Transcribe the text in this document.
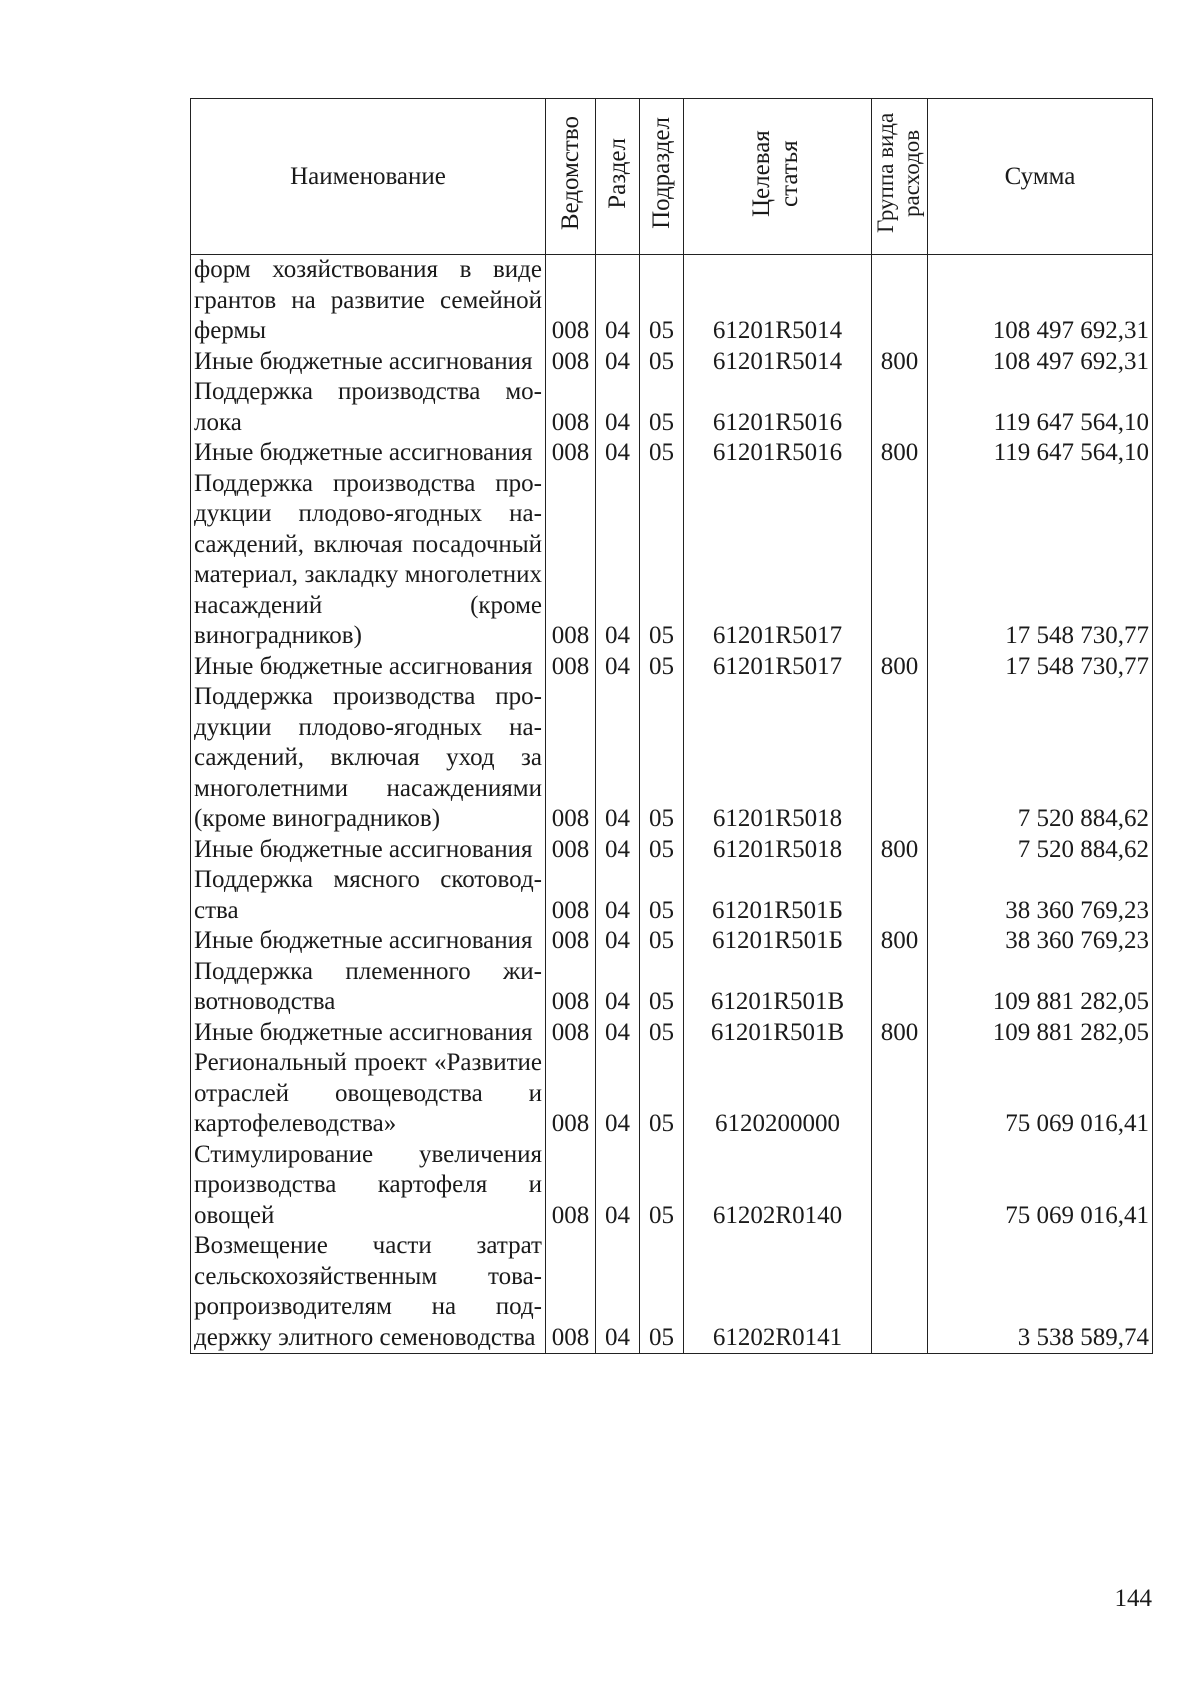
Наименование	Ведомство	Раздел	Подраздел	Целевая статья	Группа вида расходов	Сумма
форм хозяйствования в виде грантов на развитие семейной фермы	008	04	05	61201R5014		108 497 692,31
Иные бюджетные ассигнования	008	04	05	61201R5014	800	108 497 692,31
Поддержка производства молока	008	04	05	61201R5016		119 647 564,10
Иные бюджетные ассигнования	008	04	05	61201R5016	800	119 647 564,10
Поддержка производства продукции плодово-ягодных насаждений, включая посадочный материал, закладку многолетних насаждений (кроме виноградников)	008	04	05	61201R5017		17 548 730,77
Иные бюджетные ассигнования	008	04	05	61201R5017	800	17 548 730,77
Поддержка производства продукции плодово-ягодных насаждений, включая уход за многолетними насаждениями (кроме виноградников)	008	04	05	61201R5018		7 520 884,62
Иные бюджетные ассигнования	008	04	05	61201R5018	800	7 520 884,62
Поддержка мясного скотоводства	008	04	05	61201R501Б		38 360 769,23
Иные бюджетные ассигнования	008	04	05	61201R501Б	800	38 360 769,23
Поддержка племенного животноводства	008	04	05	61201R501В		109 881 282,05
Иные бюджетные ассигнования	008	04	05	61201R501В	800	109 881 282,05
Региональный проект «Развитие отраслей овощеводства и картофелеводства»	008	04	05	6120200000		75 069 016,41
Стимулирование увеличения производства картофеля и овощей	008	04	05	61202R0140		75 069 016,41
Возмещение части затрат сельскохозяйственным товаропроизводителям на поддержку элитного семеноводства	008	04	05	61202R0141		3 538 589,74
144
